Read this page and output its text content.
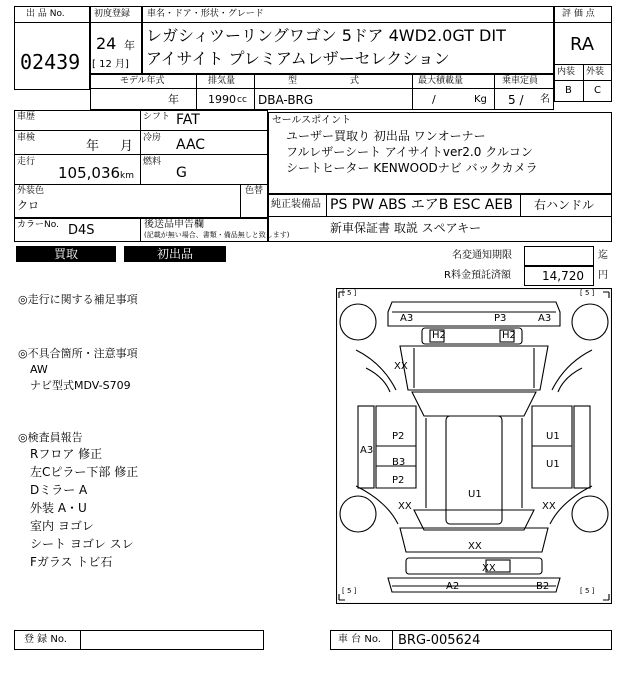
出 品 No.
02439
初度登録
24 年
[ 12 月]
車名・ドア・形状・グレード
レガシィツーリングワゴン 5ドア 4WD2.0GT DIT
アイサイト プレミアムレザーセレクション
評 価 点
RA
内装 外装
B C
モデル年式
年
排気量
1990 cc
型	式
DBA-BRG
最大積載量
/	Kg
乗車定員
5 / 名
車歴	シフト FAT
車検
年 月
冷房 AAC
走行
105,036 km
燃料
G
外装色
クロ
色替
セールスポイント
ユーザー買取り 初出品 ワンオーナー
フルレザーシート アイサイトver2.0 クルコン
シートヒーター KENWOODナビ バックカメラ
純正装備品 PS PW ABS エアB ESC AEB 右ハンドル
新車保証書 取説 スペアキー
カラーNo. D4S	後送品申告欄
(記載が無い場合、書類・備品無しと致します)
買取	初出品	名変通知期限	迄
R料金預託済額	14,720 円
◎走行に関する補足事項
◎不具合箇所・注意事項
AW
ナビ型式MDV-S709
◎検査員報告
Rフロア 修正
左Cピラー下部 修正
Dミラー A
外装 A・U
室内 ヨゴレ
シート ヨゴレ スレ
Fガラス トビ石
[ 5 ]	[ 5 ]
[ 5 ]	[ 5 ]
A3	P3	A3
H2	H2
XX
A3
P2
B3
P2
U1
U1
U1
XX	XX
XX
XX
A2	B2
登 録 No.	車 台 No. BRG-005624
